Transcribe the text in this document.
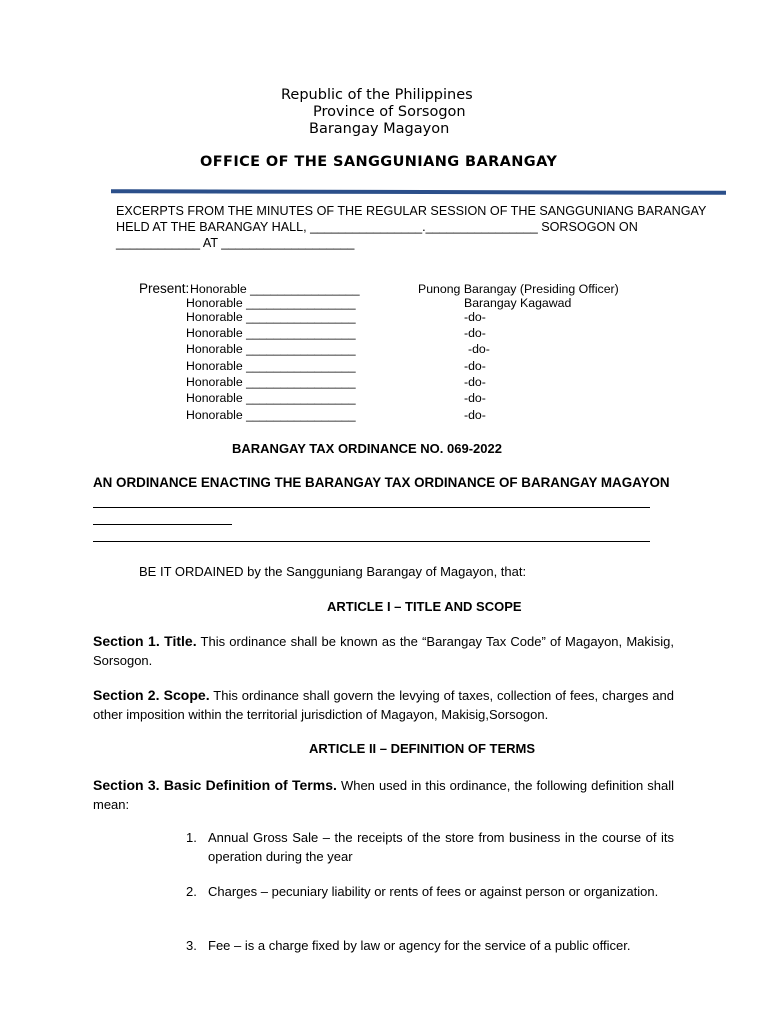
Republic of the Philippines
Province of Sorsogon
Barangay Magayon
OFFICE OF THE SANGGUNIANG BARANGAY
EXCERPTS FROM THE MINUTES OF THE REGULAR SESSION OF THE SANGGUNIANG BARANGAY
HELD AT THE BARANGAY HALL, ________________.________________ SORSOGON ON
____________ AT ___________________
Present: Honorable ________________	Punong Barangay (Presiding Officer)
Honorable ________________	Barangay Kagawad
Honorable ________________	-do-
Honorable ________________	-do-
Honorable ________________	-do-
Honorable ________________	-do-
Honorable ________________	-do-
Honorable ________________	-do-
Honorable ________________	-do-
BARANGAY TAX ORDINANCE NO. 069-2022
AN ORDINANCE ENACTING THE BARANGAY TAX ORDINANCE OF BARANGAY MAGAYON
BE IT ORDAINED by the Sangguniang Barangay of Magayon, that:
ARTICLE I – TITLE AND SCOPE
Section 1. Title. This ordinance shall be known as the “Barangay Tax Code” of Magayon, Makisig, Sorsogon.
Section 2. Scope. This ordinance shall govern the levying of taxes, collection of fees, charges and other imposition within the territorial jurisdiction of Magayon, Makisig,Sorsogon.
ARTICLE II – DEFINITION OF TERMS
Section 3. Basic Definition of Terms. When used in this ordinance, the following definition shall mean:
1. Annual Gross Sale – the receipts of the store from business in the course of its operation during the year
2. Charges – pecuniary liability or rents of fees or against person or organization.
3. Fee – is a charge fixed by law or agency for the service of a public officer.
